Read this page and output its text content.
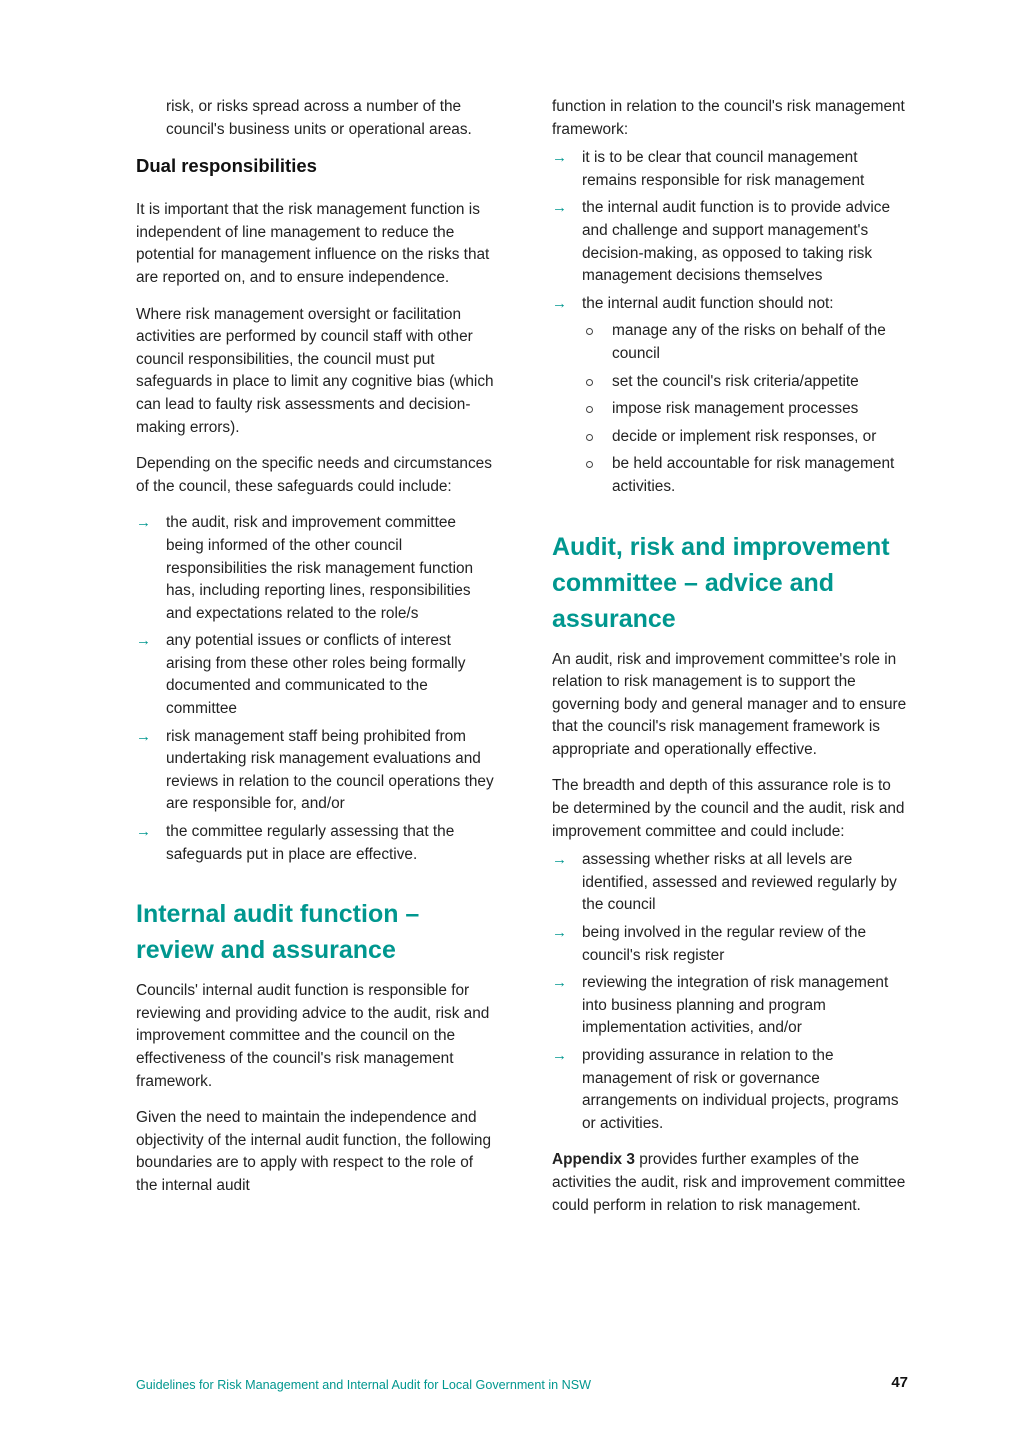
risk, or risks spread across a number of the council's business units or operational areas.

Dual responsibilities

It is important that the risk management function is independent of line management to reduce the potential for management influence on the risks that are reported on, and to ensure independence.

Where risk management oversight or facilitation activities are performed by council staff with other council responsibilities, the council must put safeguards in place to limit any cognitive bias (which can lead to faulty risk assessments and decision-making errors).

Depending on the specific needs and circumstances of the council, these safeguards could include:

→ the audit, risk and improvement committee being informed of the other council responsibilities the risk management function has, including reporting lines, responsibilities and expectations related to the role/s
→ any potential issues or conflicts of interest arising from these other roles being formally documented and communicated to the committee
→ risk management staff being prohibited from undertaking risk management evaluations and reviews in relation to the council operations they are responsible for, and/or
→ the committee regularly assessing that the safeguards put in place are effective.
Internal audit function – review and assurance

Councils' internal audit function is responsible for reviewing and providing advice to the audit, risk and improvement committee and the council on the effectiveness of the council's risk management framework.

Given the need to maintain the independence and objectivity of the internal audit function, the following boundaries are to apply with respect to the role of the internal audit

function in relation to the council's risk management framework:

→ it is to be clear that council management remains responsible for risk management
→ the internal audit function is to provide advice and challenge and support management's decision-making, as opposed to taking risk management decisions themselves
→ the internal audit function should not:
manage any of the risks on behalf of the council
set the council's risk criteria/appetite
impose risk management processes
decide or implement risk responses, or
be held accountable for risk management activities.
Audit, risk and improvement committee – advice and assurance

An audit, risk and improvement committee's role in relation to risk management is to support the governing body and general manager and to ensure that the council's risk management framework is appropriate and operationally effective.

The breadth and depth of this assurance role is to be determined by the council and the audit, risk and improvement committee and could include:

→ assessing whether risks at all levels are identified, assessed and reviewed regularly by the council
→ being involved in the regular review of the council's risk register
→ reviewing the integration of risk management into business planning and program implementation activities, and/or
→ providing assurance in relation to the management of risk or governance arrangements on individual projects, programs or activities.

Appendix 3 provides further examples of the activities the audit, risk and improvement committee could perform in relation to risk management.

Guidelines for Risk Management and Internal Audit for Local Government in NSW	47
